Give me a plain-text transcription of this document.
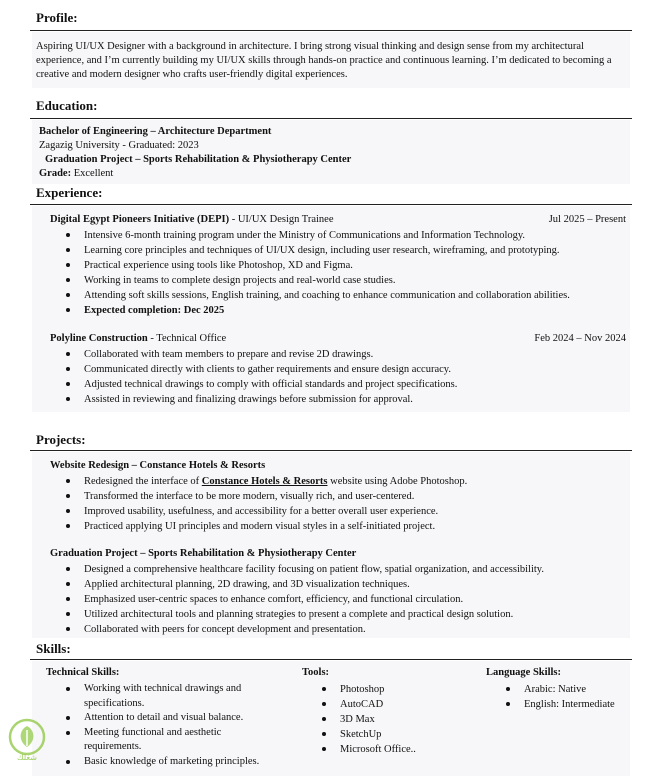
Profile:

Aspiring UI/UX Designer with a background in architecture. I bring strong visual thinking and design sense from my architectural experience, and I’m currently building my UI/UX skills through hands-on practice and continuous learning. I’m dedicated to becoming a creative and modern designer who crafts user-friendly digital experiences.

Education:
Bachelor of Engineering – Architecture Department
Zagazig University - Graduated: 2023
Graduation Project – Sports Rehabilitation & Physiotherapy Center
Grade: Excellent
Experience:
Digital Egypt Pioneers Initiative (DEPI) - UI/UX Design Trainee	Jul 2025 – Present
Intensive 6-month training program under the Ministry of Communications and Information Technology.
Learning core principles and techniques of UI/UX design, including user research, wireframing, and prototyping.
Practical experience using tools like Photoshop, XD and Figma.
Working in teams to complete design projects and real-world case studies.
Attending soft skills sessions, English training, and coaching to enhance communication and collaboration abilities.
Expected completion: Dec 2025
Polyline Construction - Technical Office	Feb 2024 – Nov 2024
Collaborated with team members to prepare and revise 2D drawings.
Communicated directly with clients to gather requirements and ensure design accuracy.
Adjusted technical drawings to comply with official standards and project specifications.
Assisted in reviewing and finalizing drawings before submission for approval.
Projects:
Website Redesign – Constance Hotels & Resorts
Redesigned the interface of Constance Hotels & Resorts website using Adobe Photoshop.
Transformed the interface to be more modern, visually rich, and user-centered.
Improved usability, usefulness, and accessibility for a better overall user experience.
Practiced applying UI principles and modern visual styles in a self-initiated project.
Graduation Project – Sports Rehabilitation & Physiotherapy Center
Designed a comprehensive healthcare facility focusing on patient flow, spatial organization, and accessibility.
Applied architectural planning, 2D drawing, and 3D visualization techniques.
Emphasized user-centric spaces to enhance comfort, efficiency, and functional circulation.
Utilized architectural tools and planning strategies to present a complete and practical design solution.
Collaborated with peers for concept development and presentation.
Skills:
Technical Skills:
Working with technical drawings and specifications.
Attention to detail and visual balance.
Meeting functional and aesthetic requirements.
Basic knowledge of marketing principles.
Tools:
Photoshop
AutoCAD
3D Max
SketchUp
Microsoft Office..
Language Skills:
Arabic: Native
English: Intermediate
شغلك
